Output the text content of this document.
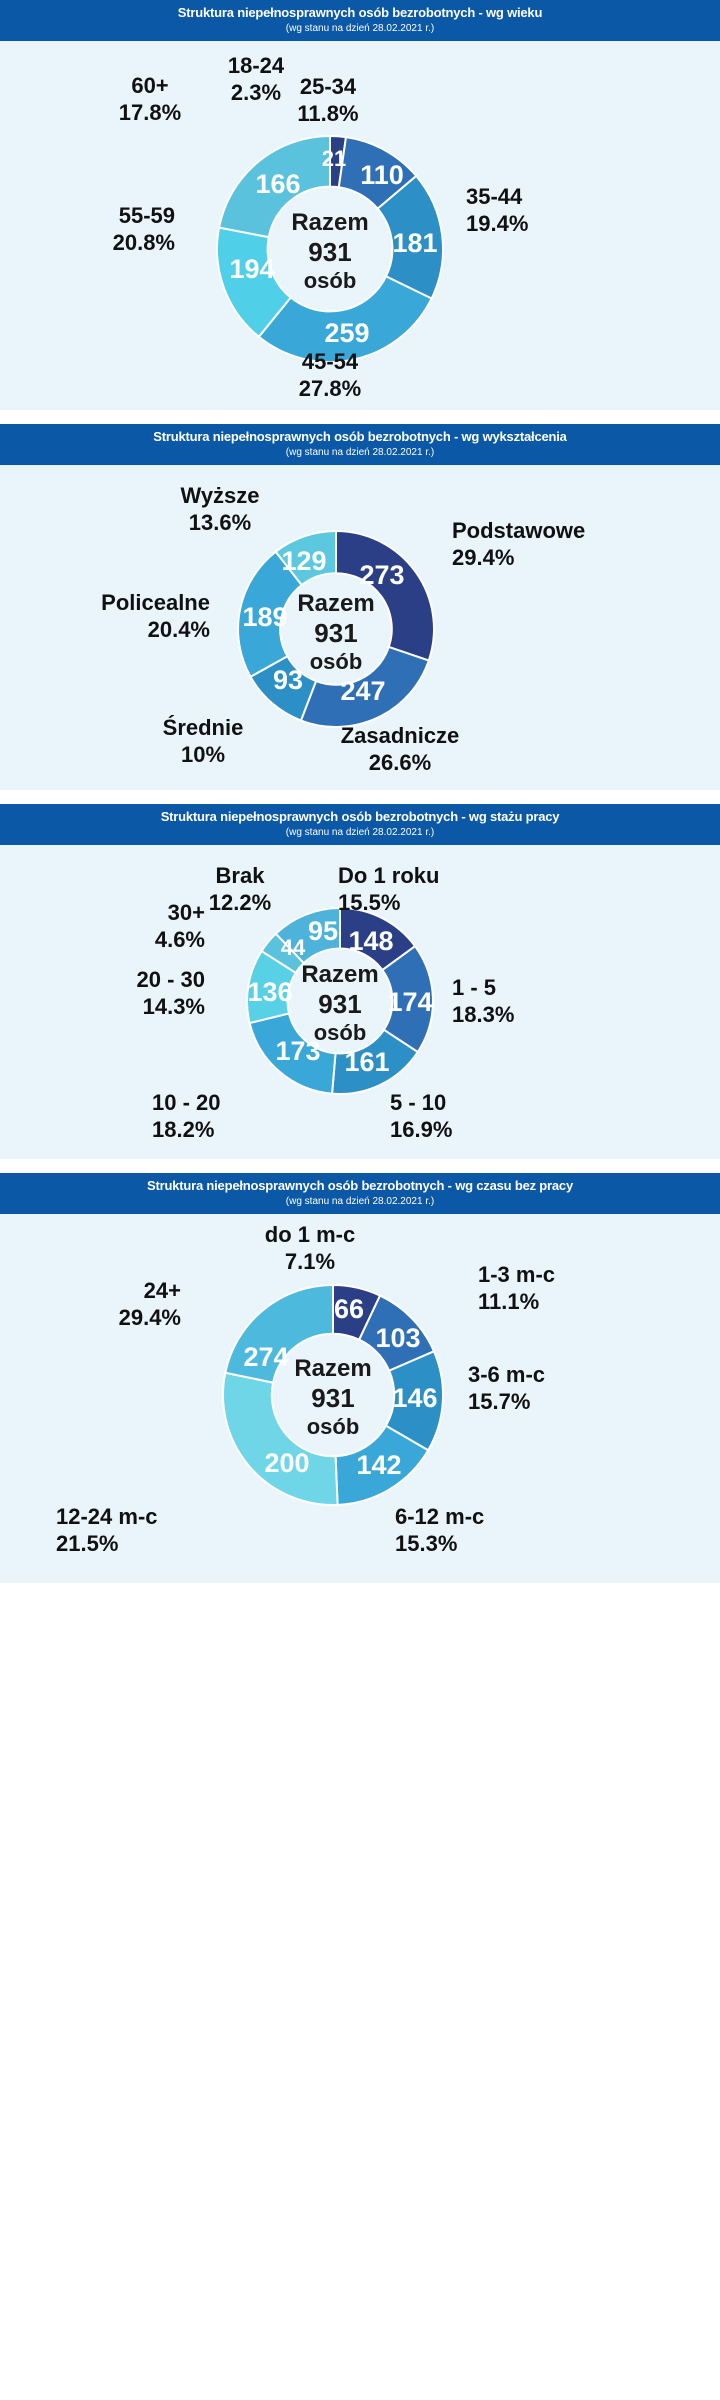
Struktura niepełnosprawnych osób bezrobotnych - wg wieku
(wg stanu na dzień 28.02.2021 r.)
21
110
181
259
194
166
Razem
931
osób
18-24
2.3% 25-34
11.8%
35-44
19.4%
45-54
27.8%
55-59
20.8%
60+
17.8%
Struktura niepełnosprawnych osób bezrobotnych - wg wykształcenia
(wg stanu na dzień 28.02.2021 r.)
273
247
93
189
129
Razem
931
osób
Podstawowe
29.4%
Zasadnicze
26.6%
Średnie
10%
Policealne
20.4%
Wyższe
13.6%
Struktura niepełnosprawnych osób bezrobotnych - wg stażu pracy
(wg stanu na dzień 28.02.2021 r.)
148
174
161
173
136
44
95
Razem
931
osób
Do 1 roku
15.5%
1 - 5
18.3%
5 - 10
16.9%
10 - 20
18.2%
20 - 30
14.3%
30+
4.6%
Brak
12.2%
Struktura niepełnosprawnych osób bezrobotnych - wg czasu bez pracy
(wg stanu na dzień 28.02.2021 r.)
66
103
146
142
200
274 Razem
931
osób
do 1 m-c
7.1%
1-3 m-c
11.1%
3-6 m-c
15.7%
6-12 m-c
15.3%
12-24 m-c
21.5%
24+
29.4%
